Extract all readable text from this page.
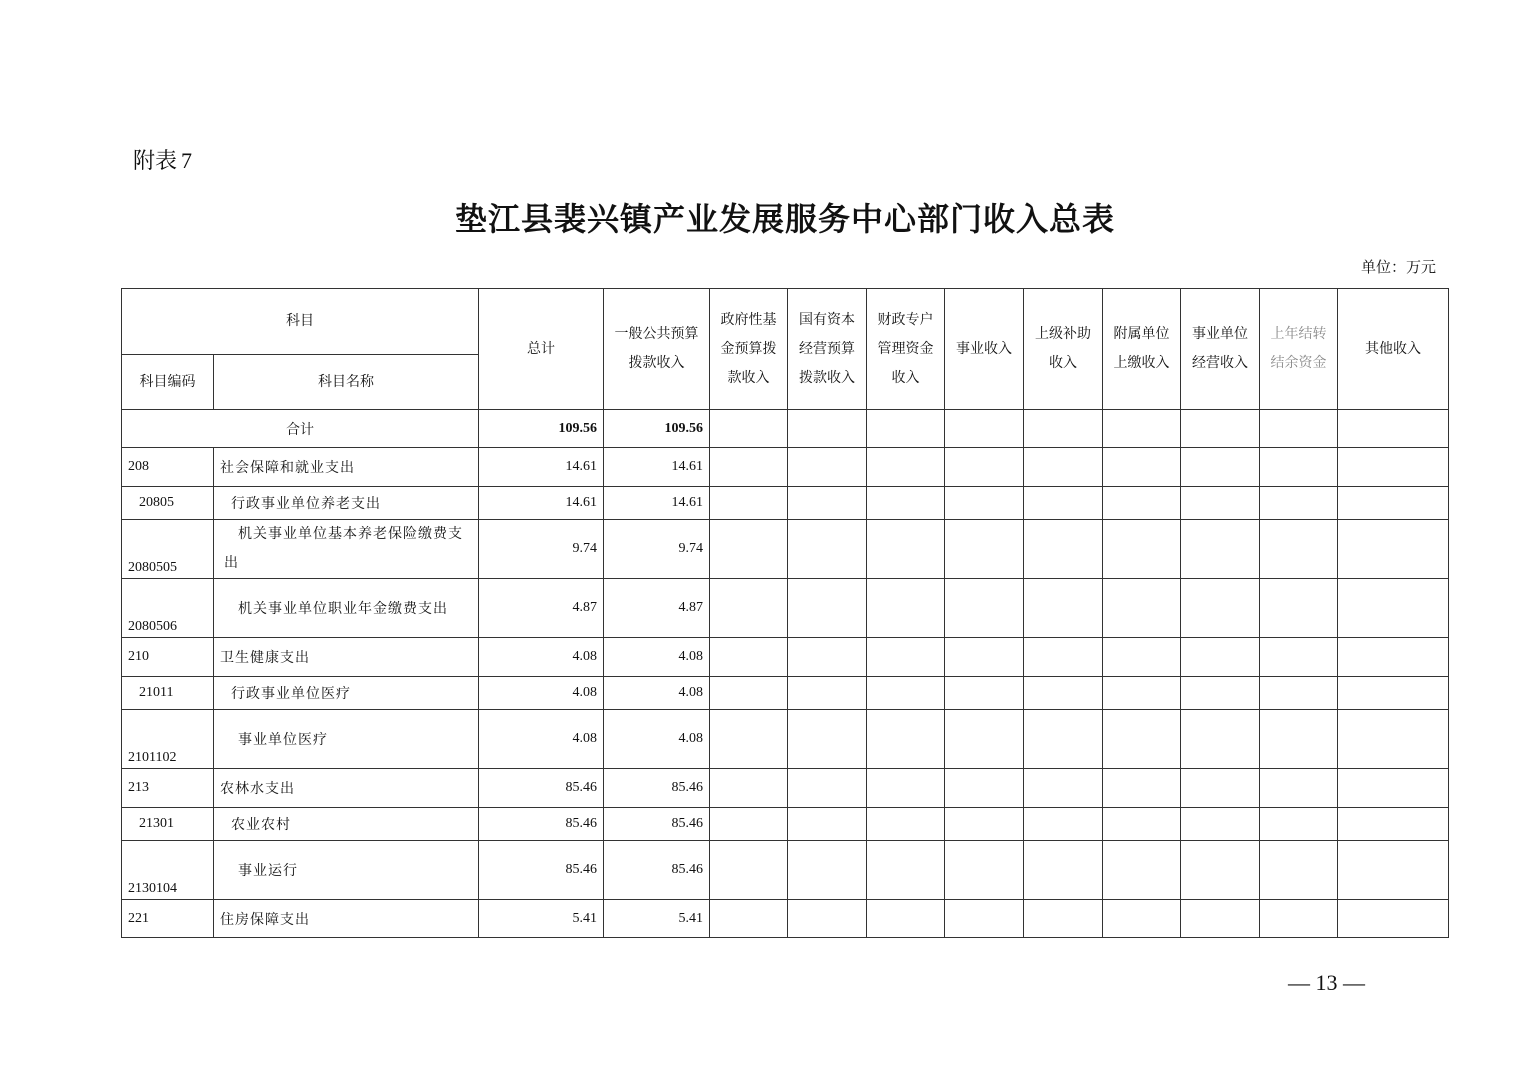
附表 7
垫江县裴兴镇产业发展服务中心部门收入总表
单位：万元
科目		总计	一般公共预算拨款收入	政府性基金预算拨款收入	国有资本经营预算拨款收入	财政专户管理资金收入	事业收入	上级补助收入	附属单位上缴收入	事业单位经营收入	上年结转结余资金	其他收入
科目编码	科目名称											
合计		109.56	109.56									
208	社会保障和就业支出	14.61	14.61									
20805	行政事业单位养老支出	14.61	14.61									
2080505	机关事业单位基本养老保险缴费支出	9.74	9.74									
2080506	机关事业单位职业年金缴费支出	4.87	4.87									
210	卫生健康支出	4.08	4.08									
21011	行政事业单位医疗	4.08	4.08									
2101102	事业单位医疗	4.08	4.08									
213	农林水支出	85.46	85.46									
21301	农业农村	85.46	85.46									
2130104	事业运行	85.46	85.46									
221	住房保障支出	5.41	5.41									
— 13 —
